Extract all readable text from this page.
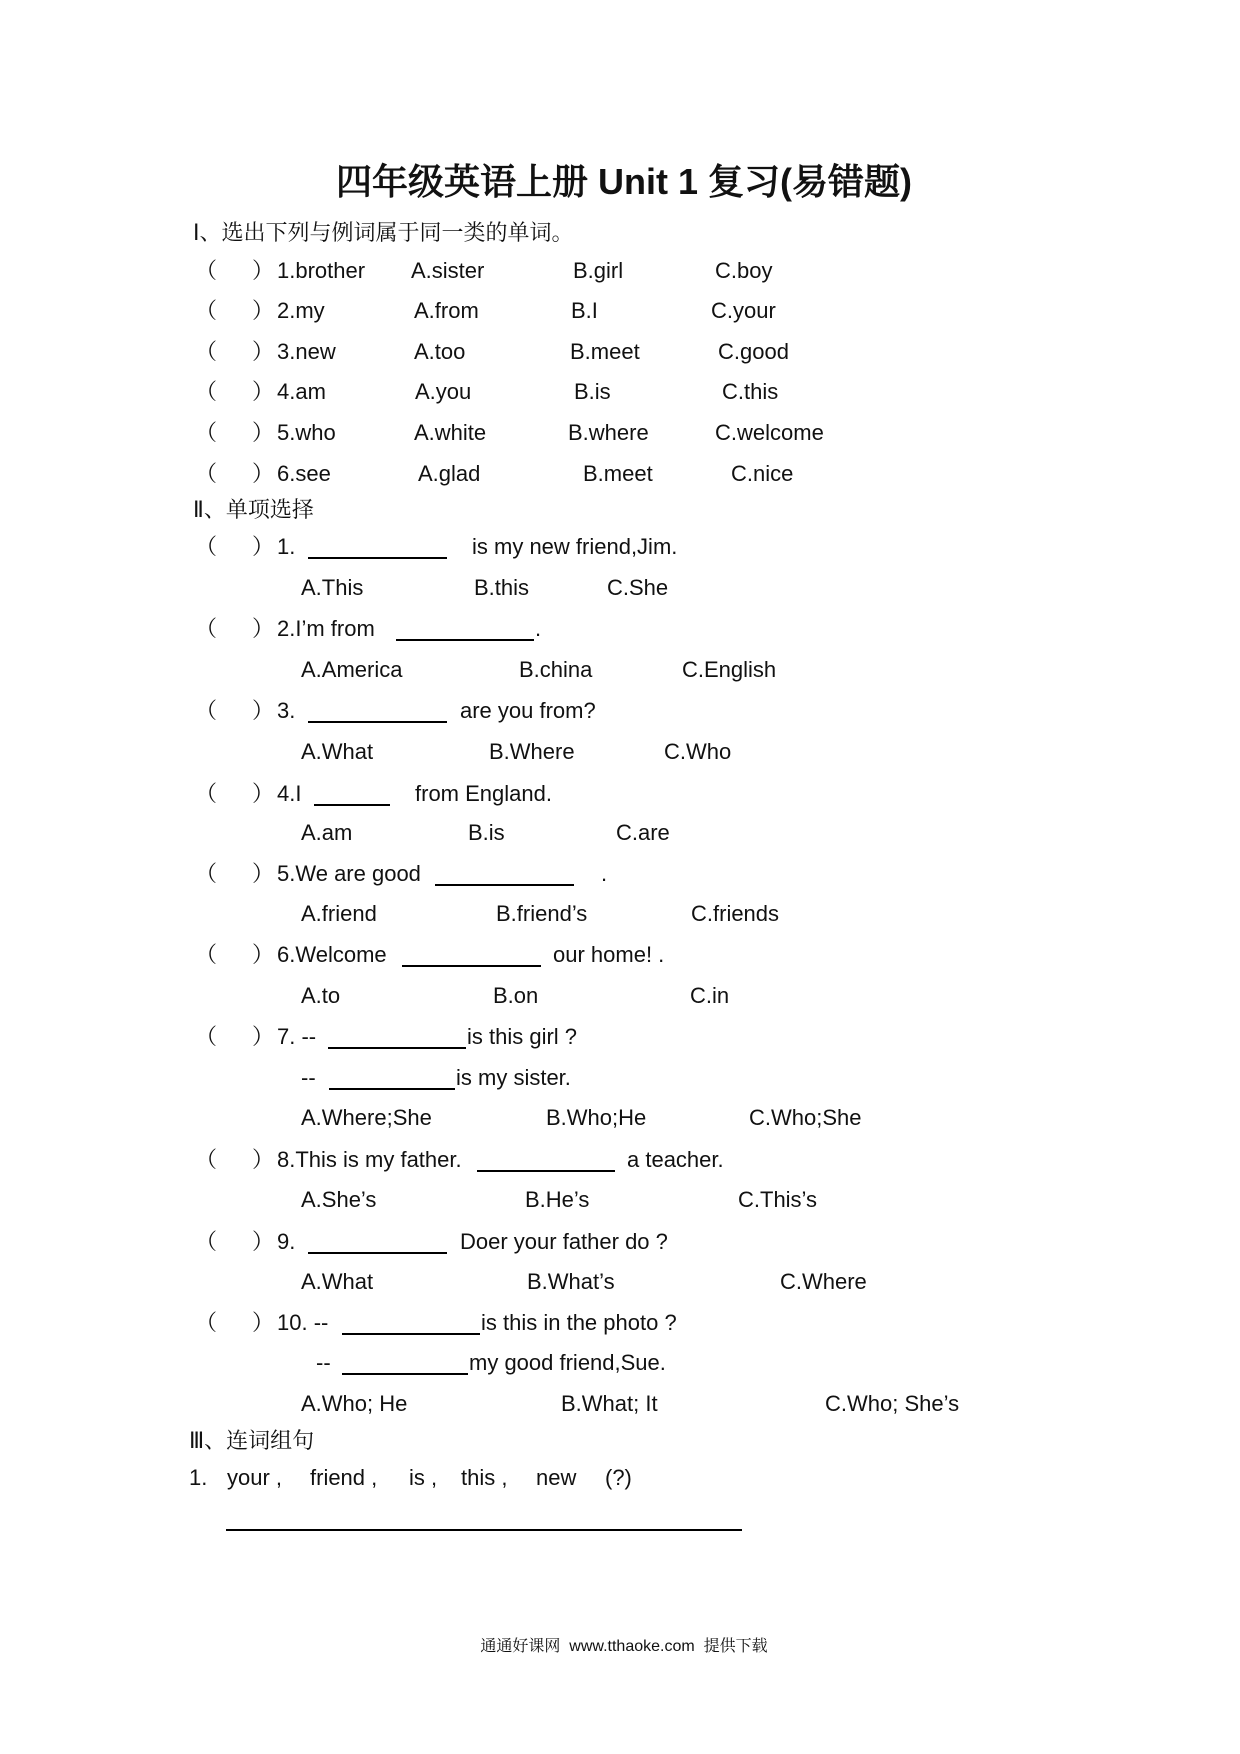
四年级英语上册 Unit 1 复习(易错题)
Ⅰ、选出下列与例词属于同一类的单词。
（ ） 1.brother A.sister	B.girl	C.boy
（ ） 2.my	A.from	B.I	C.your
（ ） 3.new	A.too	B.meet	C.good
（ ） 4.am	A.you	B.is	C.this
（ ） 5.who	A.white	B.where	C.welcome
（ ） 6.see	A.glad	B.meet	C.nice
Ⅱ、单项选择
（ ） 1.	is my new friend,Jim.
A.This	B.this	C.She
（ ） 2.I’m from	.
A.America	B.china	C.English
（ ） 3.	are you from?
A.What	B.Where	C.Who
（ ） 4.I	from England.
A.am	B.is	C.are
（ ） 5.We are good	.
A.friend	B.friend’s	C.friends
（ ） 6.Welcome	our home! .
A.to	B.on	C.in
（ ） 7. --	is this girl ?
--	is my sister.
A.Where;She	B.Who;He	C.Who;She
（ ） 8.This is my father.	a teacher.
A.She’s	B.He’s	C.This’s
（ ） 9.	Doer your father do ?
A.What	B.What’s	C.Where
（ ） 10. --	is this in the photo ?
--	my good friend,Sue.
A.Who; He	B.What; It	C.Who; She’s
Ⅲ、连词组句
1. your , friend , is , this , new (?)
通通好课网  www.tthaoke.com  提供下载
